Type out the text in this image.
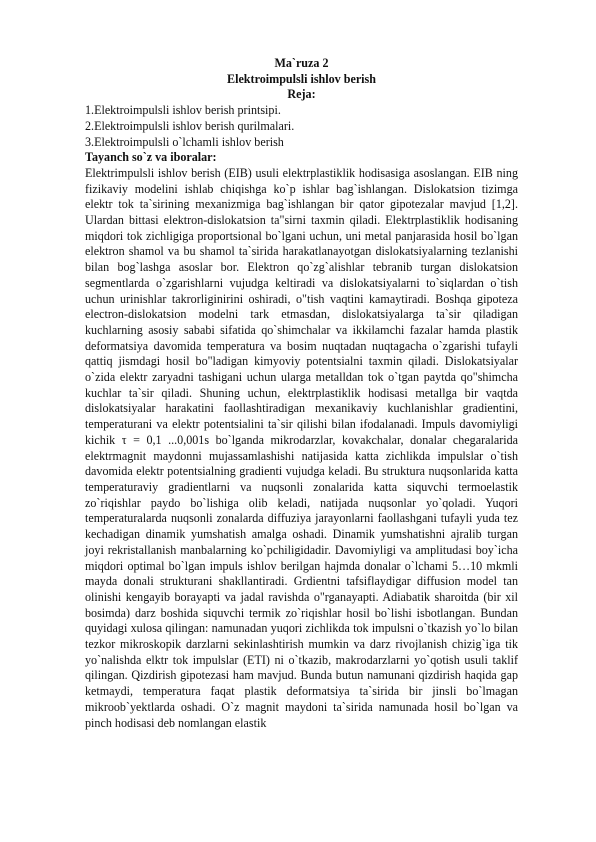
Ma`ruza 2
Elektroimpulsli ishlov berish
Reja:
1.Elektroimpulsli ishlov berish printsipi.
2.Elektroimpulsli ishlov berish qurilmalari.
3.Elektroimpulsli o`lchamli ishlov berish
Tayanch so`z va iboralar:
Elektrimpulsli ishlov berish (EIB) usuli elektrplastiklik hodisasiga asoslangan. EIB ning fizikaviy modelini ishlab chiqishga ko`p ishlar bag`ishlangan. Dislokatsion tizimga elektr tok ta`sirining mexanizmiga bag`ishlangan bir qator gipotezalar mavjud [1,2]. Ulardan bittasi elektron-dislokatsion ta"sirni taxmin qiladi. Elektrplastiklik hodisaning miqdori tok zichligiga proportsional bo`lgani uchun, uni metal panjarasida hosil bo`lgan elektron shamol va bu shamol ta`sirida harakatlanayotgan dislokatsiyalarning tezlanishi bilan bog`lashga asoslar bor. Elektron qo`zg`alishlar tebranib turgan dislokatsion segmentlarda o`zgarishlarni vujudga keltiradi va dislokatsiyalarni to`siqlardan o`tish uchun urinishlar takrorliginirini oshiradi, o"tish vaqtini kamaytiradi. Boshqa gipoteza electron-dislokatsion modelni tark etmasdan, dislokatsiyalarga ta`sir qiladigan kuchlarning asosiy sababi sifatida qo`shimchalar va ikkilamchi fazalar hamda plastik deformatsiya davomida temperatura va bosim nuqtadan nuqtagacha o`zgarishi tufayli qattiq jismdagi hosil bo"ladigan kimyoviy potentsialni taxmin qiladi. Dislokatsiyalar o`zida elektr zaryadni tashigani uchun ularga metalldan tok o`tgan paytda qo"shimcha kuchlar ta`sir qiladi. Shuning uchun, elektrplastiklik hodisasi metallga bir vaqtda dislokatsiyalar harakatini faollashtiradigan mexanikaviy kuchlanishlar gradientini, temperaturani va elektr potentsialini ta`sir qilishi bilan ifodalanadi. Impuls davomiyligi kichik τ = 0,1 ...0,001s bo`lganda mikrodarzlar, kovakchalar, donalar chegaralarida elektrmagnit maydonni mujassamlashishi natijasida katta zichlikda impulslar o`tish davomida elektr potentsialning gradienti vujudga keladi. Bu struktura nuqsonlarida katta temperaturaviy gradientlarni va nuqsonli zonalarida katta siquvchi termoelastik zo`riqishlar paydo bo`lishiga olib keladi, natijada nuqsonlar yo`qoladi. Yuqori temperaturalarda nuqsonli zonalarda diffuziya jarayonlarni faollashgani tufayli yuda tez kechadigan dinamik yumshatish amalga oshadi. Dinamik yumshatishni ajralib turgan joyi rekristallanish manbalarning ko`pchiligidadir. Davomiyligi va amplitudasi boy`icha miqdori optimal bo`lgan impuls ishlov berilgan hajmda donalar o`lchami 5…10 mkmli mayda donali strukturani shakllantiradi. Grdientni tafsiflaydigar diffusion model tan olinishi kengayib borayapti va jadal ravishda o"rganayapti. Adiabatik sharoitda (bir xil bosimda) darz boshida siquvchi termik zo`riqishlar hosil bo`lishi isbotlangan. Bundan quyidagi xulosa qilingan: namunadan yuqori zichlikda tok impulsni o`tkazish yo`lo bilan tezkor mikroskopik darzlarni sekinlashtirish mumkin va darz rivojlanish chizig`iga tik yo`nalishda elktr tok impulslar (ETI) ni o`tkazib, makrodarzlarni yo`qotish usuli taklif qilingan. Qizdirish gipotezasi ham mavjud. Bunda butun namunani qizdirish haqida gap ketmaydi, temperatura faqat plastik deformatsiya ta`sirida bir jinsli bo`lmagan mikroob`yektlarda oshadi. O`z magnit maydoni ta`sirida namunada hosil bo`lgan va pinch hodisasi deb nomlangan elastik
